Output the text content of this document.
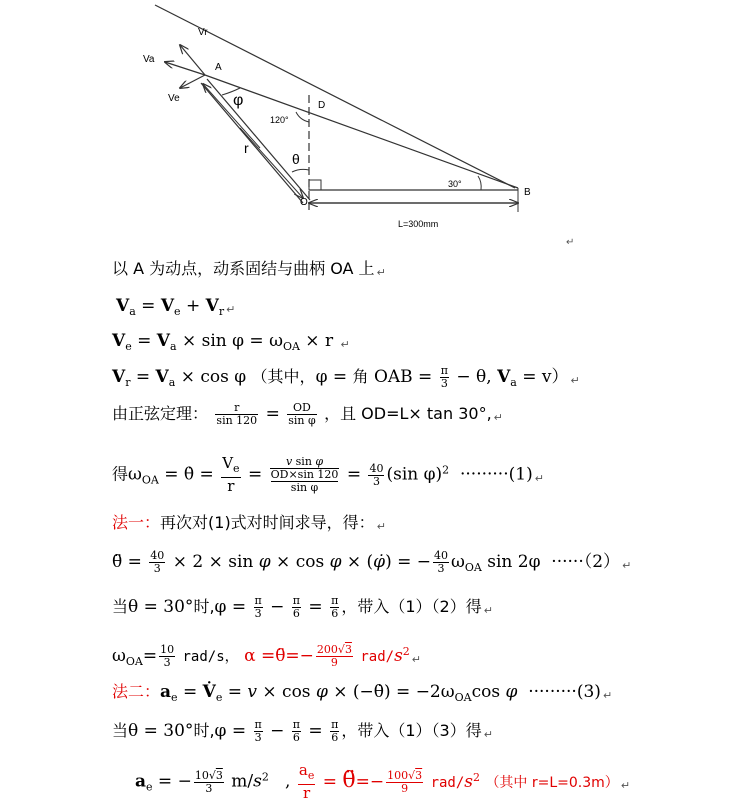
Vr
Va
Ve
A
D
B
O
r
φ
θ
120°
30°
L=300mm
↵
以 A 为动点，动系固结与曲柄 OA 上 ↵
$V_a = V_e + V_r$ ↵
$V_e = V_a \times \sin \varphi = \omega_{OA} \times r$ ↵
$V_r = V_a \times \cos \varphi$ （其中，φ = 角 OAB = $\frac{\pi}{3} - \theta$, $V_a = v$） ↵
由正弦定理： $\frac{r}{\sin 120} = \frac{OD}{\text{sin φ}}$ ，且 OD=L× tan 30°, ↵
得$\omega_{OA}$ = θ̇ = $\frac{V_e}{r} = v$ sin φ
OD×sin 120
$\sin \varphi = \frac{40}{3} (\sin$ φ)$^2$  ·········(1) ↵
法一：再次对(1)式对时间求导，得： ↵
θ̈ = $\frac{40}{3} \times 2 \times \sin \varphi \times \cos \varphi$ × (φ̇) = − $\frac{40}{3} \omega_{OA}$ sin 2φ  ······（2） ↵
当θ = 30°时$,\varphi = \frac{\pi}{3} - \frac{\pi}{6} = \frac{\pi}{6}$ ，带入（1）（2）得 ↵
$\omega_{OA}= \frac{10}{3} rad/s$， α =θ̈=− $\frac{200√3}{9}$ rad/$s^2↵$
法二：$a_e$ = $V̇_e = v \times \cos \varphi$ × (−θ̇) = $-2\omega_{OA}\cos$ φ  ·········(3) ↵
当θ = 30°时$,\varphi = \frac{\pi}{3} - \frac{\pi}{6} = \frac{\pi}{6}$ ，带入（1）（3）得 ↵
$a_e$ = − $\frac{10√3}{3} m/s^2$   , $\frac{a_e}{r}$ = θ̈=− $\frac{100√3}{9} rad/s^2$ （其中 r=L=0.3m） ↵
